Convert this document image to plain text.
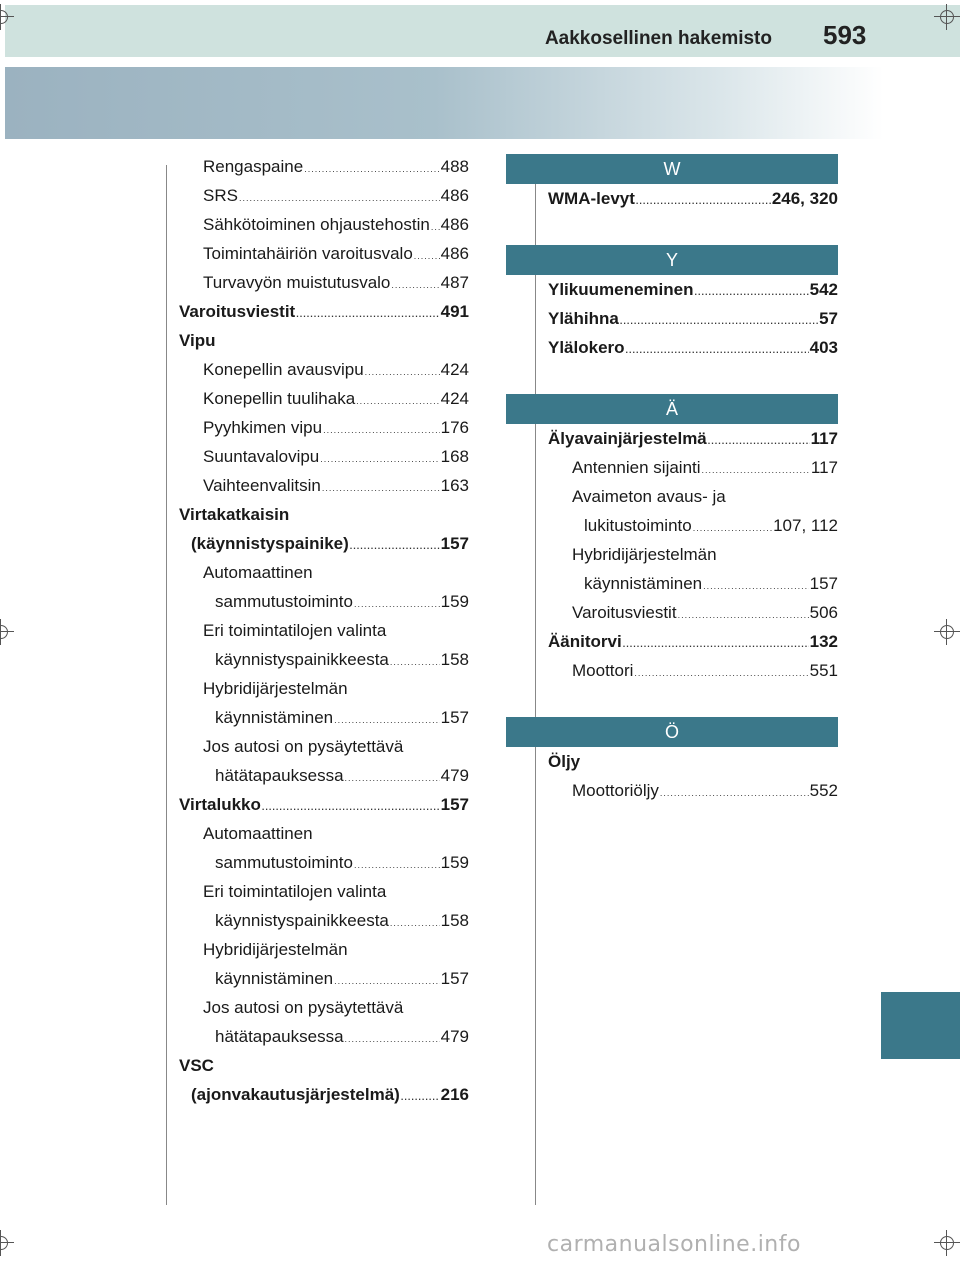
Aakkosellinen hakemisto 593
Rengaspaine .....	488
SRS .....	486
Sähkötoiminen ohjaustehostin ..... 486
Toimintahäiriön varoitusvalo ..... 486
Turvavyön muistutusvalo .....	487
Varoitusviestit .....	491
Vipu
Konepellin avausvipu .....	424
Konepellin tuulihaka .....	424
Pyyhkimen vipu .....	176
Suuntavalovipu .....	168
Vaihteenvalitsin .....	163
Virtakatkaisin
(käynnistyspainike) .....	157
Automaattinen
sammutustoiminto .....	159
Eri toimintatilojen valinta
käynnistyspainikkeesta .....	158
Hybridijärjestelmän
käynnistäminen .....	157
Jos autosi on pysäytettävä
hätätapauksessa .....	479
Virtalukko .....	157
Automaattinen
sammutustoiminto .....	159
Eri toimintatilojen valinta
käynnistyspainikkeesta .....	158
Hybridijärjestelmän
käynnistäminen .....	157
Jos autosi on pysäytettävä
hätätapauksessa .....	479
VSC
(ajonvakautusjärjestelmä) ..... 216
W
WMA-levyt .....	246, 320
Y
Ylikuumeneminen .....	542
Ylähihna .....	57
Ylälokero .....	403
Ä
Älyavainjärjestelmä .....	117
Antennien sijainti .....	117
Avaimeton avaus- ja
lukitustoiminto .....	107, 112
Hybridijärjestelmän
käynnistäminen .....	157
Varoitusviestit .....	506
Äänitorvi .....	132
Moottori .....	551
Ö
Öljy
Moottoriöljy .....	552
carmanualsonline.info
